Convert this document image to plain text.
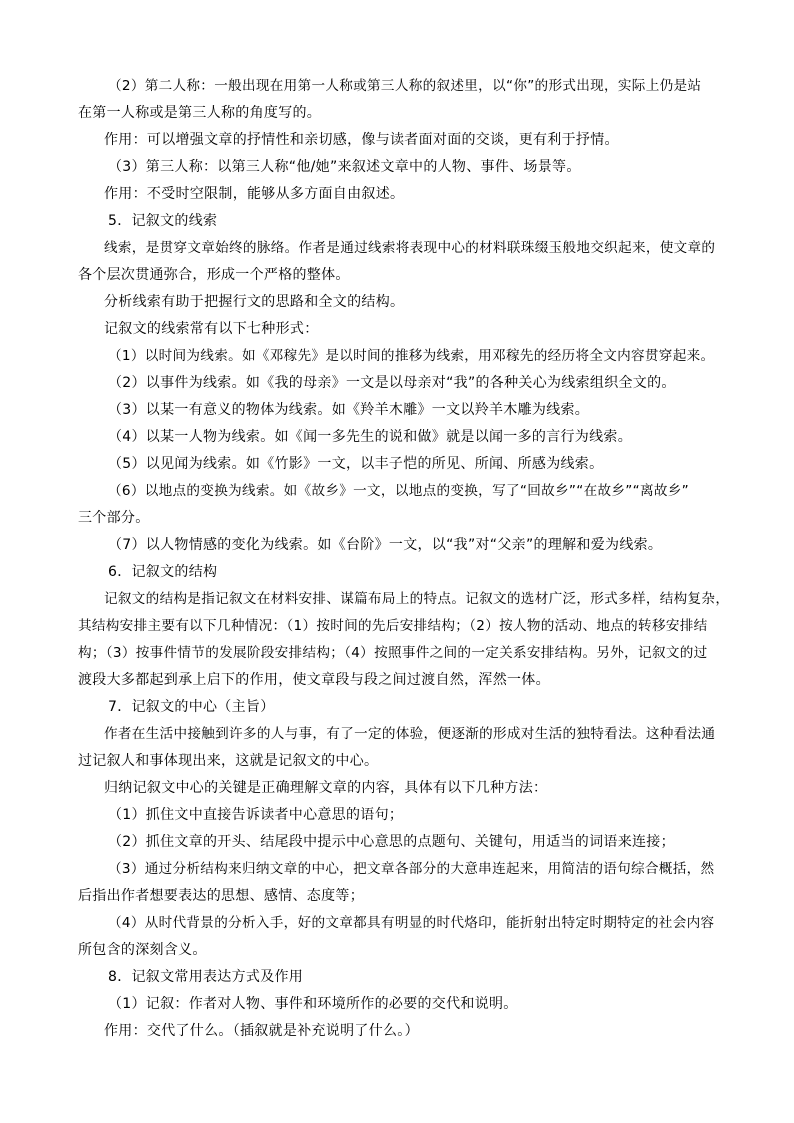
（2）第二人称：一般出现在用第一人称或第三人称的叙述里，以“你”的形式出现，实际上仍是站

在第一人称或是第三人称的角度写的。

作用：可以增强文章的抒情性和亲切感，像与读者面对面的交谈，更有利于抒情。

（3）第三人称：以第三人称“他/她”来叙述文章中的人物、事件、场景等。

作用：不受时空限制，能够从多方面自由叙述。

5．记叙文的线索

线索，是贯穿文章始终的脉络。作者是通过线索将表现中心的材料联珠缀玉般地交织起来，使文章的

各个层次贯通弥合，形成一个严格的整体。

分析线索有助于把握行文的思路和全文的结构。

记叙文的线索常有以下七种形式：

（1）以时间为线索。如《邓稼先》是以时间的推移为线索，用邓稼先的经历将全文内容贯穿起来。

（2）以事件为线索。如《我的母亲》一文是以母亲对“我”的各种关心为线索组织全文的。

（3）以某一有意义的物体为线索。如《羚羊木雕》一文以羚羊木雕为线索。

（4）以某一人物为线索。如《闻一多先生的说和做》就是以闻一多的言行为线索。

（5）以见闻为线索。如《竹影》一文，以丰子恺的所见、所闻、所感为线索。

（6）以地点的变换为线索。如《故乡》一文，以地点的变换，写了“回故乡”“在故乡”“离故乡”

三个部分。

（7）以人物情感的变化为线索。如《台阶》一文，以“我”对“父亲”的理解和爱为线索。

6．记叙文的结构

记叙文的结构是指记叙文在材料安排、谋篇布局上的特点。记叙文的选材广泛，形式多样，结构复杂，

其结构安排主要有以下几种情况：（1）按时间的先后安排结构；（2）按人物的活动、地点的转移安排结

构；（3）按事件情节的发展阶段安排结构；（4）按照事件之间的一定关系安排结构。另外，记叙文的过

渡段大多都起到承上启下的作用，使文章段与段之间过渡自然，浑然一体。

7．记叙文的中心（主旨）

作者在生活中接触到许多的人与事，有了一定的体验，便逐渐的形成对生活的独特看法。这种看法通

过记叙人和事体现出来，这就是记叙文的中心。

归纳记叙文中心的关键是正确理解文章的内容，具体有以下几种方法：

（1）抓住文中直接告诉读者中心意思的语句；

（2）抓住文章的开头、结尾段中提示中心意思的点题句、关键句，用适当的词语来连接；

（3）通过分析结构来归纳文章的中心，把文章各部分的大意串连起来，用简洁的语句综合概括，然

后指出作者想要表达的思想、感情、态度等；

（4）从时代背景的分析入手，好的文章都具有明显的时代烙印，能折射出特定时期特定的社会内容

所包含的深刻含义。

8．记叙文常用表达方式及作用

（1）记叙：作者对人物、事件和环境所作的必要的交代和说明。

作用：交代了什么。（插叙就是补充说明了什么。）
